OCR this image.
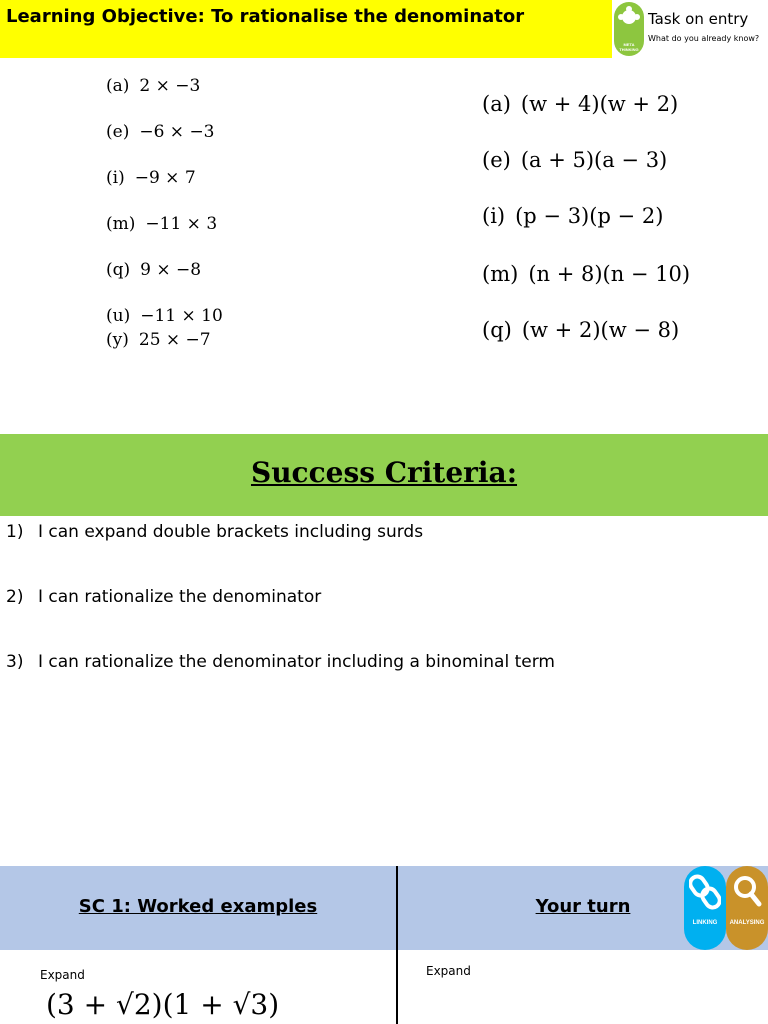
Learning Objective: To rationalise the denominator
META THINKING
Task on entry
What do you already know?
(a) 2 × −3
(e) −6 × −3
(i) −9 × 7
(m) −11 × 3
(q) 9 × −8
(u) −11 × 10
(y) 25 × −7
(a) (w + 4)(w + 2)
(e) (a + 5)(a − 3)
(i) (p − 3)(p − 2)
(m) (n + 8)(n − 10)
(q) (w + 2)(w − 8)
Success Criteria:
1) I can expand double brackets including surds
2) I can rationalize the denominator
3) I can rationalize the denominator including a binominal term
SC 1: Worked examples	Your turn
LINKING	ANALYSING
Expand
(3 + √2)(1 + √3)
Expand
